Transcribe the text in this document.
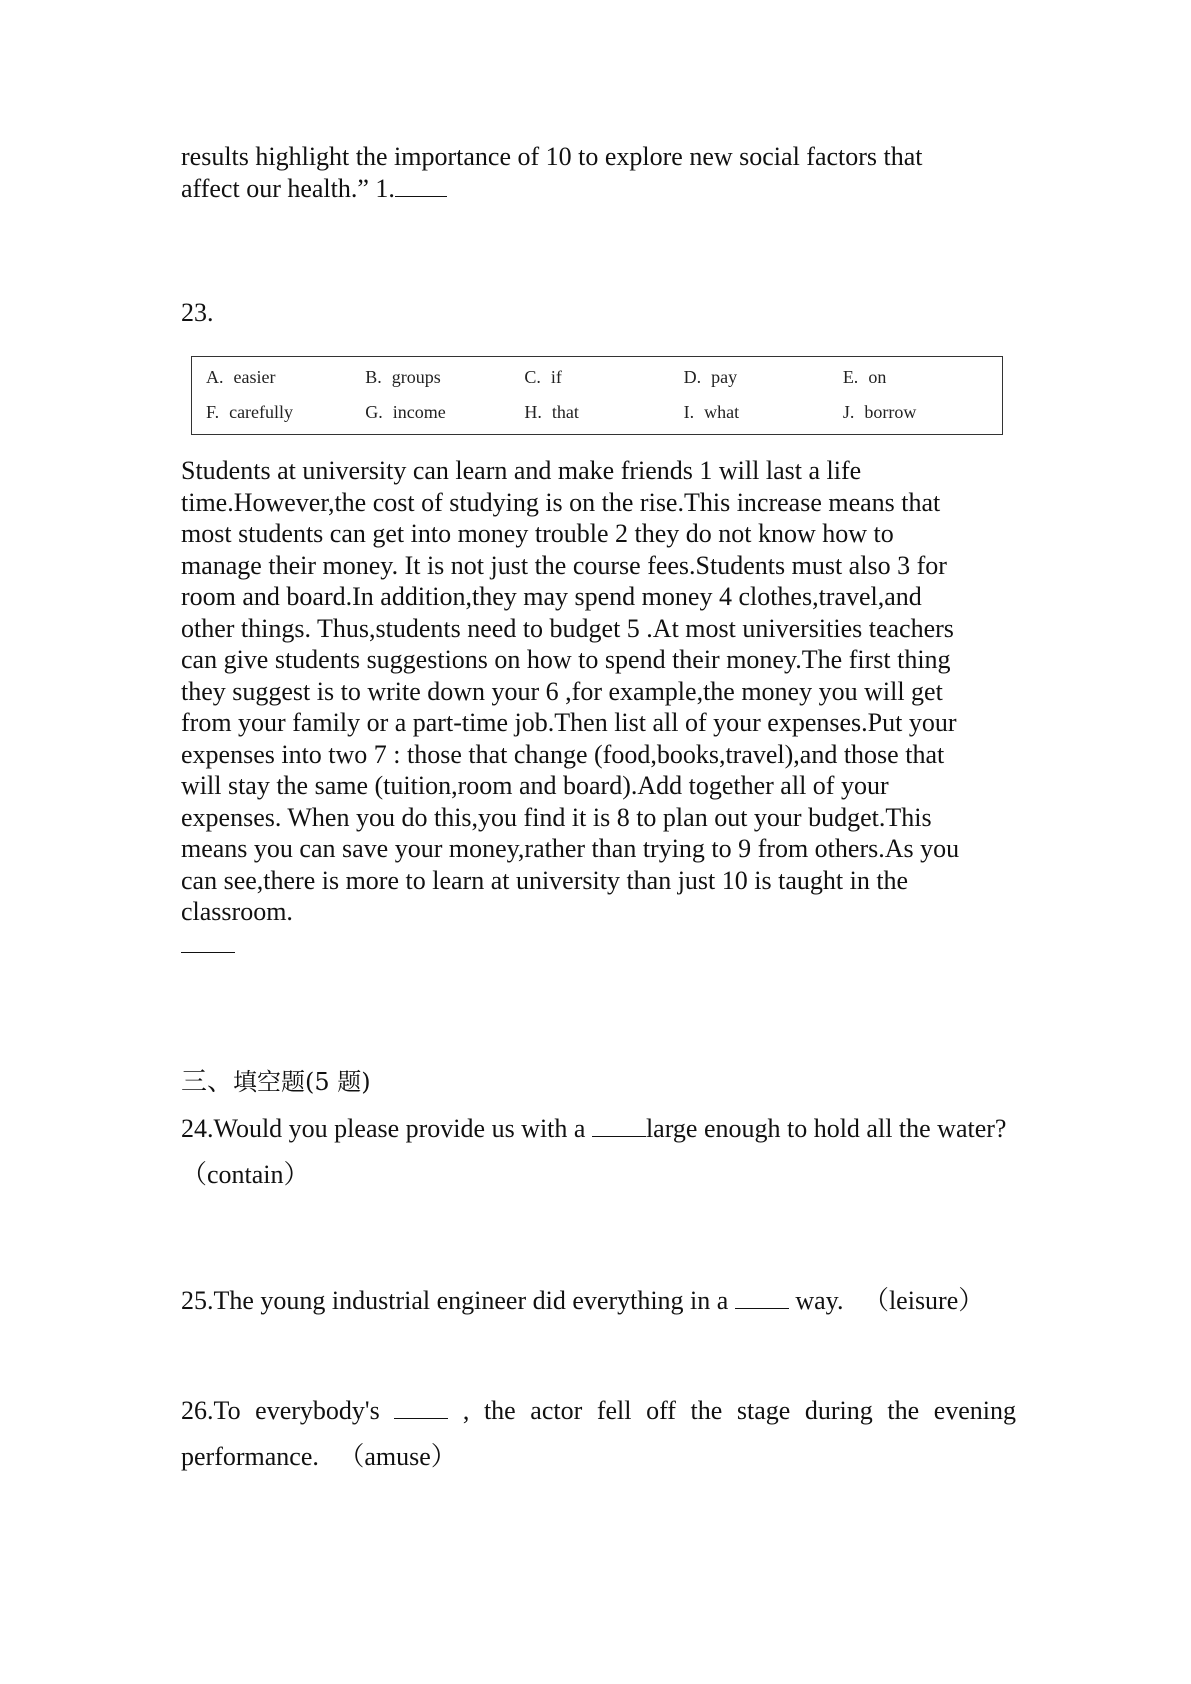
results highlight the importance of 10 to explore new social factors that
affect our health.” 1.
23.
A. easier	B. groups	C. if	D. pay	E. on
F. carefully	G. income	H. that	I. what	J. borrow
Students at university can learn and make friends 1 will last a life
time.However,the cost of studying is on the rise.This increase means that
most students can get into money trouble 2 they do not know how to
manage their money. It is not just the course fees.Students must also 3 for
room and board.In addition,they may spend money 4 clothes,travel,and
other things. Thus,students need to budget 5 .At most universities teachers
can give students suggestions on how to spend their money.The first thing
they suggest is to write down your 6 ,for example,the money you will get
from your family or a part-time job.Then list all of your expenses.Put your
expenses into two 7 : those that change (food,books,travel),and those that
will stay the same (tuition,room and board).Add together all of your
expenses. When you do this,you find it is 8 to plan out your budget.This
means you can save your money,rather than trying to 9 from others.As you
can see,there is more to learn at university than just 10 is taught in the
classroom.
三、填空题(5 题)
24.Would you please provide us with a large enough to hold all the water?
（contain）
25.The young industrial engineer did everything in a  way. （leisure）
26.To everybody's  , the actor fell off the stage during the evening
performance. （amuse）
